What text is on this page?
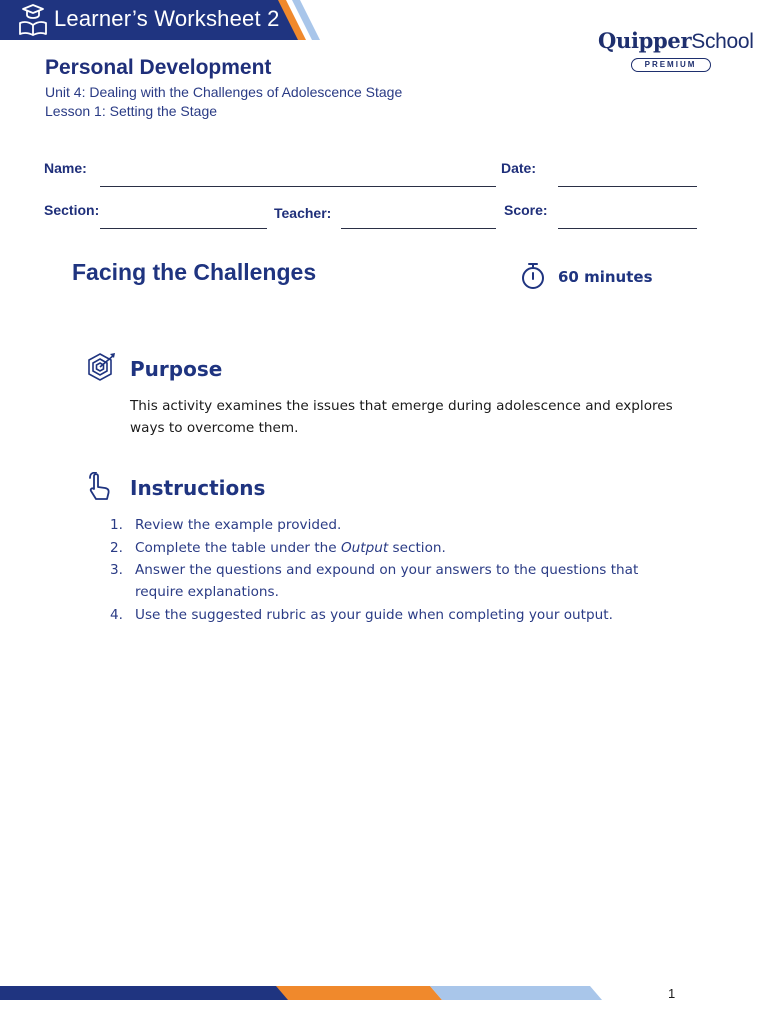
Learner’s Worksheet 2
QuipperSchool
PREMIUM
Personal Development
Unit 4: Dealing with the Challenges of Adolescence Stage
Lesson 1: Setting the Stage
Name:	Date:
Section:	Teacher:	Score:
Facing the Challenges	60 minutes
Purpose
This activity examines the issues that emerge during adolescence and explores ways to overcome them.
Instructions
1. Review the example provided.
2. Complete the table under the Output section.
3. Answer the questions and expound on your answers to the questions that require explanations.
4. Use the suggested rubric as your guide when completing your output.
1
